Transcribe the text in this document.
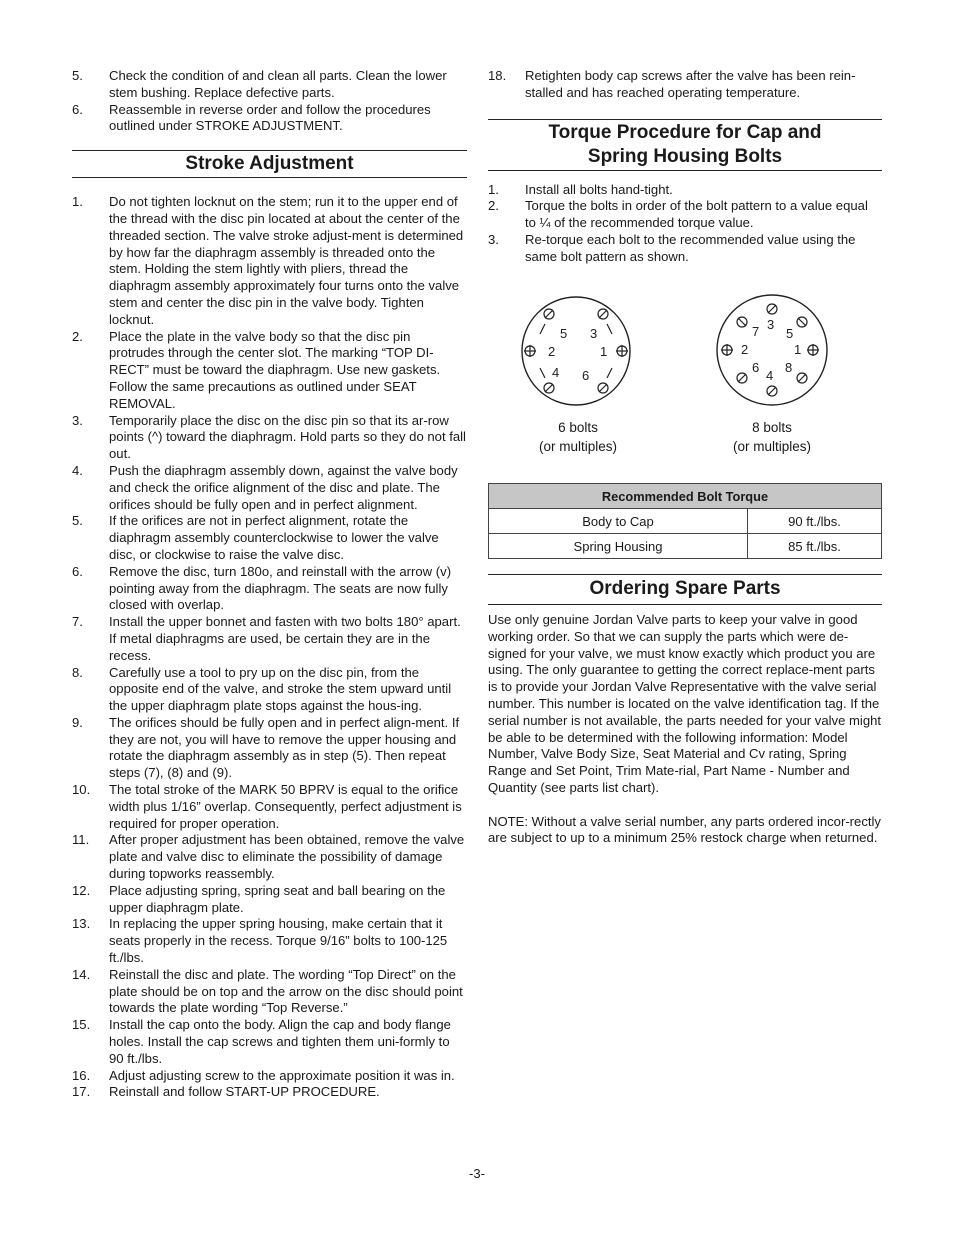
5. Check the condition of and clean all parts. Clean the lower stem bushing. Replace defective parts.
6. Reassemble in reverse order and follow the procedures outlined under STROKE ADJUSTMENT.
Stroke Adjustment
1. Do not tighten locknut on the stem; run it to the upper end of the thread with the disc pin located at about the center of the threaded section. The valve stroke adjust-ment is determined by how far the diaphragm assembly is threaded onto the stem. Holding the stem lightly with pliers, thread the diaphragm assembly approximately four turns onto the valve stem and center the disc pin in the valve body. Tighten locknut.
2. Place the plate in the valve body so that the disc pin protrudes through the center slot. The marking “TOP DI-RECT” must be toward the diaphragm. Use new gaskets. Follow the same precautions as outlined under SEAT REMOVAL.
3. Temporarily place the disc on the disc pin so that its ar-row points (^) toward the diaphragm. Hold parts so they do not fall out.
4. Push the diaphragm assembly down, against the valve body and check the orifice alignment of the disc and plate. The orifices should be fully open and in perfect alignment.
5. If the orifices are not in perfect alignment, rotate the diaphragm assembly counterclockwise to lower the valve disc, or clockwise to raise the valve disc.
6. Remove the disc, turn 180o, and reinstall with the arrow (v) pointing away from the diaphragm. The seats are now fully closed with overlap.
7. Install the upper bonnet and fasten with two bolts 180° apart. If metal diaphragms are used, be certain they are in the recess.
8. Carefully use a tool to pry up on the disc pin, from the opposite end of the valve, and stroke the stem upward until the upper diaphragm plate stops against the hous-ing.
9. The orifices should be fully open and in perfect align-ment. If they are not, you will have to remove the upper housing and rotate the diaphragm assembly as in step (5). Then repeat steps (7), (8) and (9).
10. The total stroke of the MARK 50 BPRV is equal to the orifice width plus 1/16” overlap. Consequently, perfect adjustment is required for proper operation.
11. After proper adjustment has been obtained, remove the valve plate and valve disc to eliminate the possibility of damage during topworks reassembly.
12. Place adjusting spring, spring seat and ball bearing on the upper diaphragm plate.
13. In replacing the upper spring housing, make certain that it seats properly in the recess. Torque 9/16” bolts to 100-125 ft./lbs.
14. Reinstall the disc and plate. The wording “Top Direct” on the plate should be on top and the arrow on the disc should point towards the plate wording “Top Reverse.”
15. Install the cap onto the body. Align the cap and body flange holes. Install the cap screws and tighten them uni-formly to 90 ft./lbs.
16. Adjust adjusting screw to the approximate position it was in.
17. Reinstall and follow START-UP PROCEDURE.
18. Retighten body cap screws after the valve has been rein-stalled and has reached operating temperature.
Torque Procedure for Cap and
Spring Housing Bolts
1. Install all bolts hand-tight.
2. Torque the bolts in order of the bolt pattern to a value equal to ¼ of the recommended torque value.
3. Re-torque each bolt to the recommended value using the same bolt pattern as shown.
5 3
2	1
4 6
3
7 5
2	1
6 8
4
6 bolts
(or multiples)
8 bolts
(or multiples)
Recommended Bolt Torque	
Body to Cap	90 ft./lbs.
Spring Housing	85 ft./lbs.
Ordering Spare Parts

Use only genuine Jordan Valve parts to keep your valve in good working order. So that we can supply the parts which were de-signed for your valve, we must know exactly which product you are using. The only guarantee to getting the correct replace-ment parts is to provide your Jordan Valve Representative with the valve serial number. This number is located on the valve identification tag. If the serial number is not available, the parts needed for your valve might be able to be determined with the following information: Model Number, Valve Body Size, Seat Material and Cv rating, Spring Range and Set Point, Trim Mate-rial, Part Name - Number and Quantity (see parts list chart).

NOTE: Without a valve serial number, any parts ordered incor-rectly are subject to up to a minimum 25% restock charge when returned.

-3-
